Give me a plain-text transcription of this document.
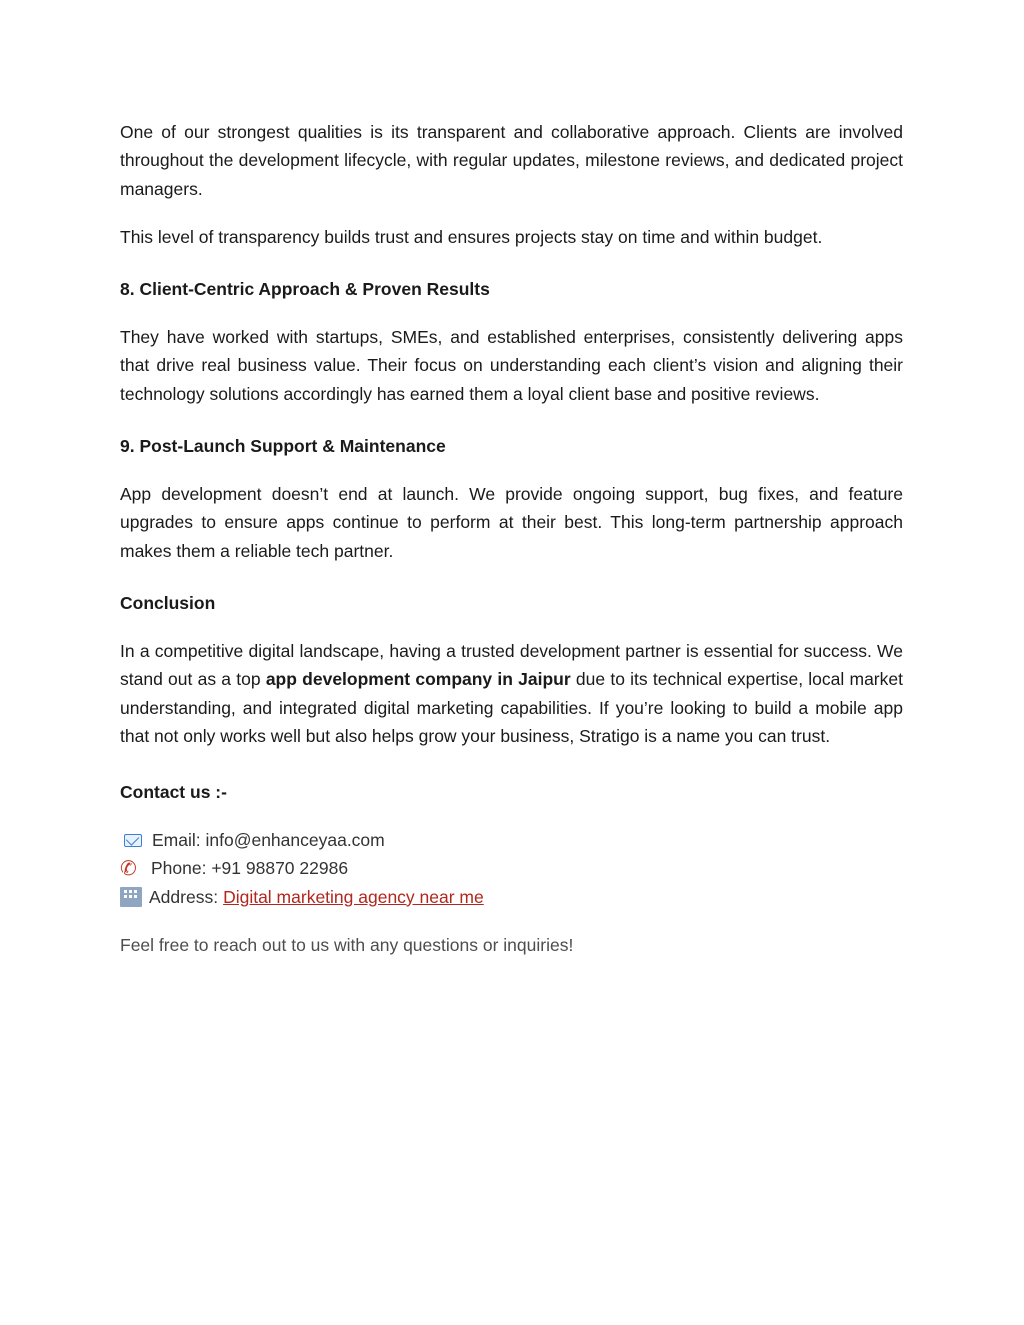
One of our strongest qualities is its transparent and collaborative approach. Clients are involved throughout the development lifecycle, with regular updates, milestone reviews, and dedicated project managers.

This level of transparency builds trust and ensures projects stay on time and within budget.

8. Client-Centric Approach & Proven Results

They have worked with startups, SMEs, and established enterprises, consistently delivering apps that drive real business value. Their focus on understanding each client’s vision and aligning their technology solutions accordingly has earned them a loyal client base and positive reviews.

9. Post-Launch Support & Maintenance

App development doesn’t end at launch. We provide ongoing support, bug fixes, and feature upgrades to ensure apps continue to perform at their best. This long-term partnership approach makes them a reliable tech partner.

Conclusion

In a competitive digital landscape, having a trusted development partner is essential for success. We stand out as a top app development company in Jaipur due to its technical expertise, local market understanding, and integrated digital marketing capabilities. If you’re looking to build a mobile app that not only works well but also helps grow your business, Stratigo is a name you can trust.

Contact us :-
Email: info@enhanceyaa.com
✆ Phone: +91 98870 22986
Address: Digital marketing agency near me

Feel free to reach out to us with any questions or inquiries!
